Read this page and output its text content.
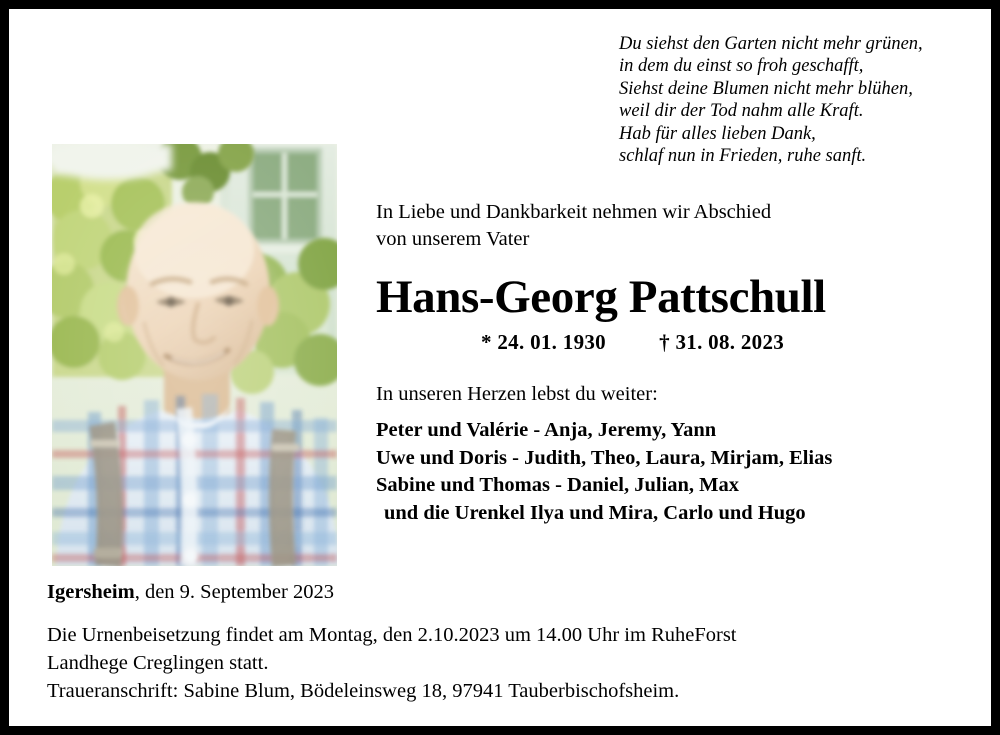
Du siehst den Garten nicht mehr grünen,
in dem du einst so froh geschafft,
Siehst deine Blumen nicht mehr blühen,
weil dir der Tod nahm alle Kraft.
Hab für alles lieben Dank,
schlaf nun in Frieden, ruhe sanft.
In Liebe und Dankbarkeit nehmen wir Abschied
von unserem Vater
Hans-Georg Pattschull
* 24. 01. 1930	† 31. 08. 2023
In unseren Herzen lebst du weiter:
Peter und Valérie - Anja, Jeremy, Yann
Uwe und Doris - Judith, Theo, Laura, Mirjam, Elias
Sabine und Thomas - Daniel, Julian, Max
und die Urenkel Ilya und Mira, Carlo und Hugo
Igersheim, den 9. September 2023
Die Urnenbeisetzung findet am Montag, den 2.10.2023 um 14.00 Uhr im RuheForst
Landhege Creglingen statt.
Traueranschrift: Sabine Blum, Bödeleinsweg 18, 97941 Tauberbischofsheim.
